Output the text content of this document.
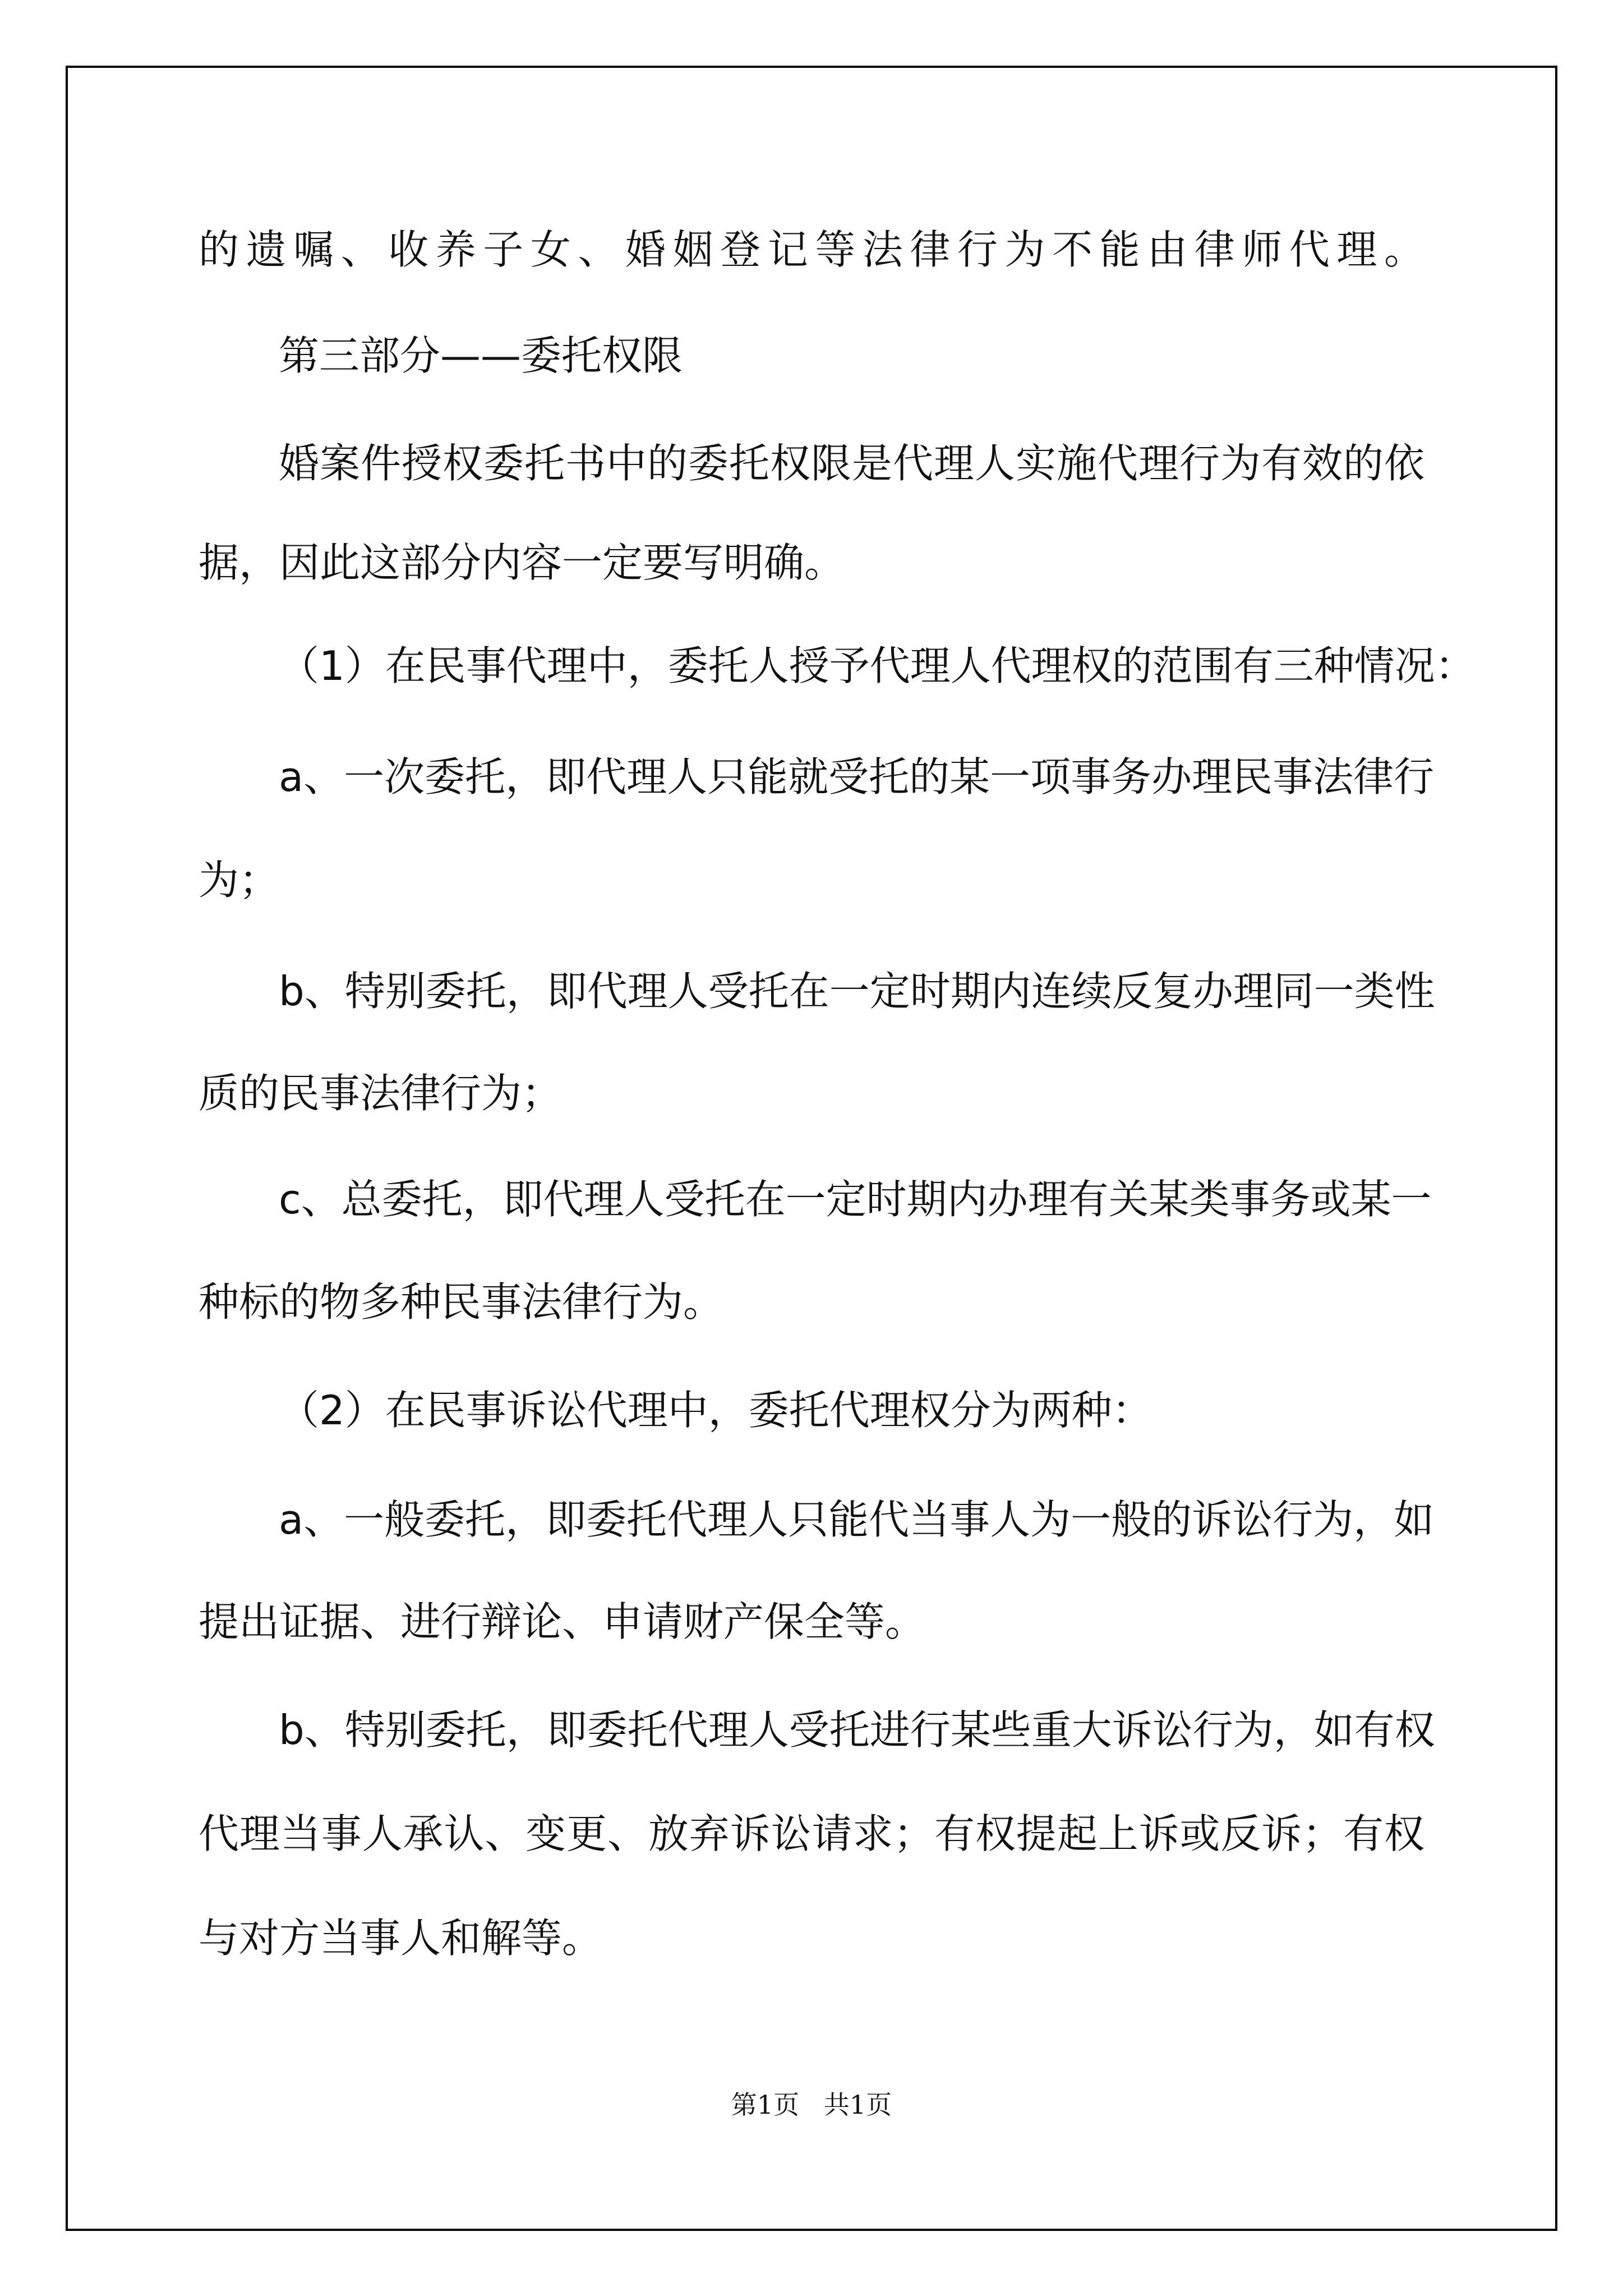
的遗嘱、收养子女、婚姻登记等法律行为不能由律师代理。

第三部分——委托权限

婚案件授权委托书中的委托权限是代理人实施代理行为有效的依

据，因此这部分内容一定要写明确。

（1）在民事代理中，委托人授予代理人代理权的范围有三种情况：

a、一次委托，即代理人只能就受托的某一项事务办理民事法律行

为；

b、特别委托，即代理人受托在一定时期内连续反复办理同一类性

质的民事法律行为；

c、总委托，即代理人受托在一定时期内办理有关某类事务或某一

种标的物多种民事法律行为。

（2）在民事诉讼代理中，委托代理权分为两种：

a、一般委托，即委托代理人只能代当事人为一般的诉讼行为，如

提出证据、进行辩论、申请财产保全等。

b、特别委托，即委托代理人受托进行某些重大诉讼行为，如有权

代理当事人承认、变更、放弃诉讼请求；有权提起上诉或反诉；有权

与对方当事人和解等。

第1页   共1页
